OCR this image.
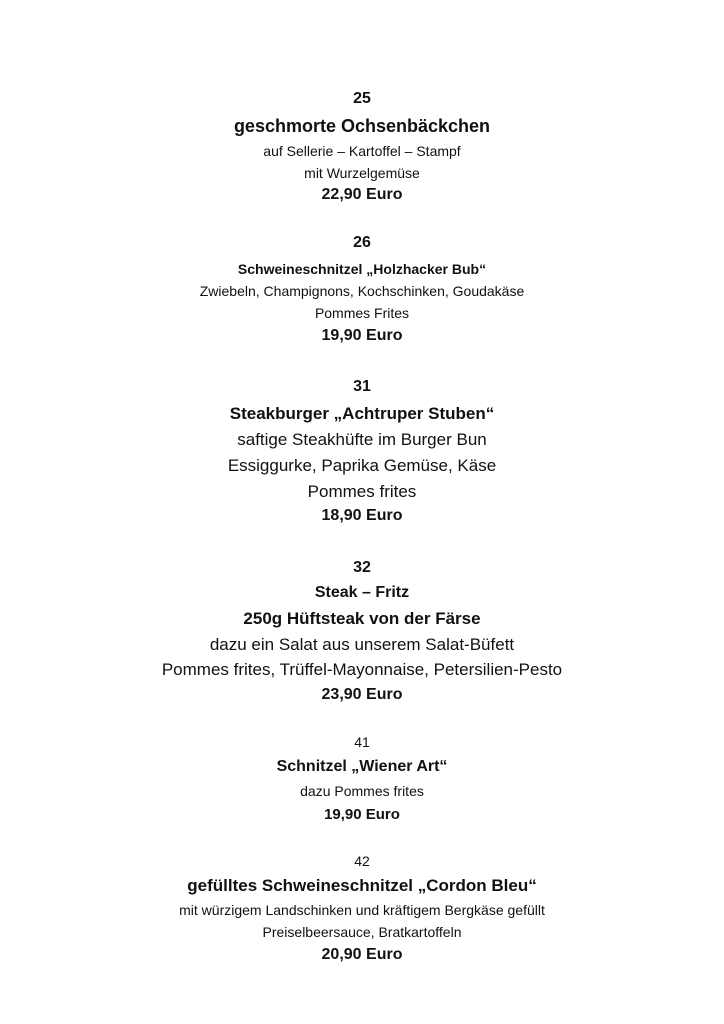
25
geschmorte Ochsenbäckchen
auf Sellerie – Kartoffel – Stampf
mit Wurzelgemüse
22,90 Euro
26
Schweineschnitzel „Holzhacker Bub“
Zwiebeln, Champignons, Kochschinken, Goudakäse
Pommes Frites
19,90 Euro
31
Steakburger „Achtruper Stuben“
saftige Steakhüfte im Burger Bun
Essiggurke, Paprika Gemüse, Käse
Pommes frites
18,90 Euro
32
Steak – Fritz
250g Hüftsteak von der Färse
dazu ein Salat aus unserem Salat-Büfett
Pommes frites, Trüffel-Mayonnaise, Petersilien-Pesto
23,90 Euro
41
Schnitzel „Wiener Art“
dazu Pommes frites
19,90 Euro
42
gefülltes Schweineschnitzel „Cordon Bleu“
mit würzigem Landschinken und kräftigem Bergkäse gefüllt
Preiselbeersauce, Bratkartoffeln
20,90 Euro
